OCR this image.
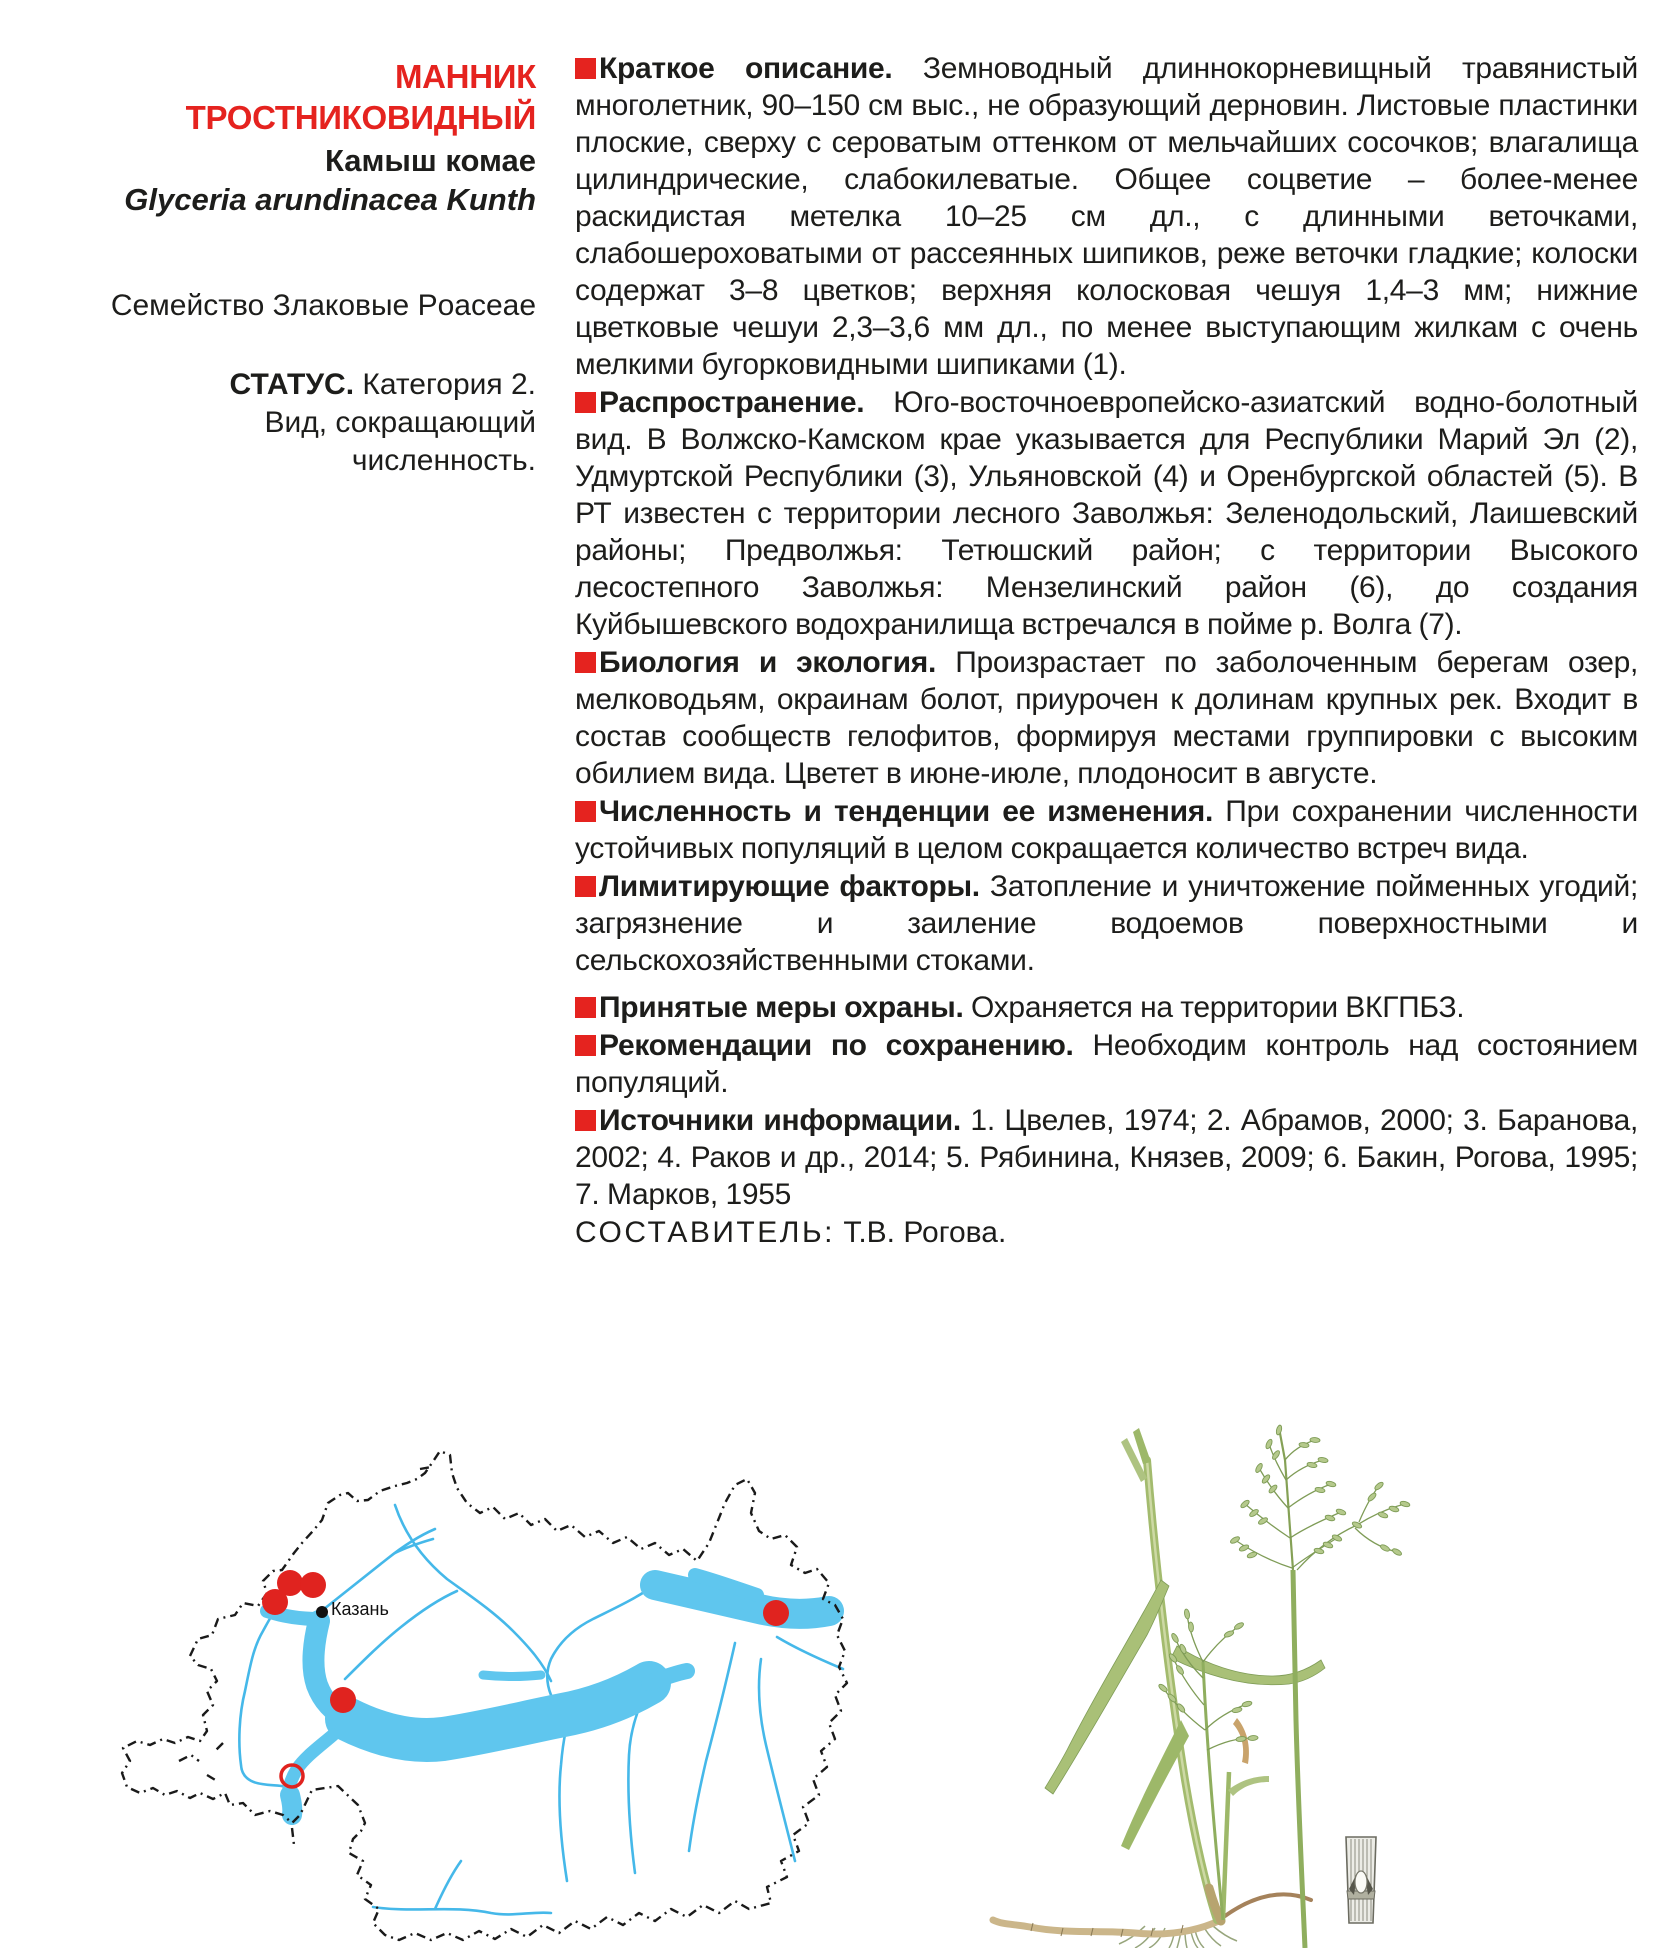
МАННИК
ТРОСТНИКОВИДНЫЙ
Камыш комае
Glyceria arundinacea Kunth
Семейство Злаковые Poaceae
СТАТУС. Категория 2.
Вид, сокращающий
численность.

Краткое описание. Земноводный длиннокорневищный травянистый многолетник, 90–150 см выс., не образующий дерновин. Листовые пластинки плоские, сверху с сероватым оттенком от мельчайших сосочков; влагалища цилиндрические, слабокилеватые. Общее соцветие – более-менее раскидистая метелка 10–25 см дл., с длинными веточками, слабошероховатыми от рассеянных шипиков, реже веточки гладкие; колоски содержат 3–8 цветков; верхняя колосковая чешуя 1,4–3 мм; нижние цветковые чешуи 2,3–3,6 мм дл., по менее выступающим жилкам с очень мелкими бугорковидными шипиками (1).

Распространение. Юго-восточноевропейско-азиатский водно-болотный вид. В Волжско-Камском крае указывается для Республики Марий Эл (2), Удмуртской Республики (3), Ульяновской (4) и Оренбургской областей (5). В РТ известен с территории лесного Заволжья: Зеленодольский, Лаишевский районы; Предволжья: Тетюшский район; с территории Высокого лесостепного Заволжья: Мензелинский район (6), до создания Куйбышевского водохранилища встречался в пойме р. Волга (7).

Биология и экология. Произрастает по заболоченным берегам озер, мелководьям, окраинам болот, приурочен к долинам крупных рек. Входит в состав сообществ гелофитов, формируя местами группировки с высоким обилием вида. Цветет в июне-июле, плодоносит в августе.

Численность и тенденции ее изменения. При сохранении численности устойчивых популяций в целом сокращается количество встреч вида.

Лимитирующие факторы. Затопление и уничтожение пойменных угодий; загрязнение и заиление водоемов поверхностными и сельскохозяйственными стоками.

Принятые меры охраны. Охраняется на территории ВКГПБЗ.

Рекомендации по сохранению. Необходим контроль над состоянием популяций.

Источники информации. 1. Цвелев, 1974; 2. Абрамов, 2000; 3. Баранова, 2002; 4. Раков и др., 2014; 5. Рябинина, Князев, 2009; 6. Бакин, Рогова, 1995; 7. Марков, 1955

СОСТАВИТЕЛЬ: Т.В. Рогова.

Казань
